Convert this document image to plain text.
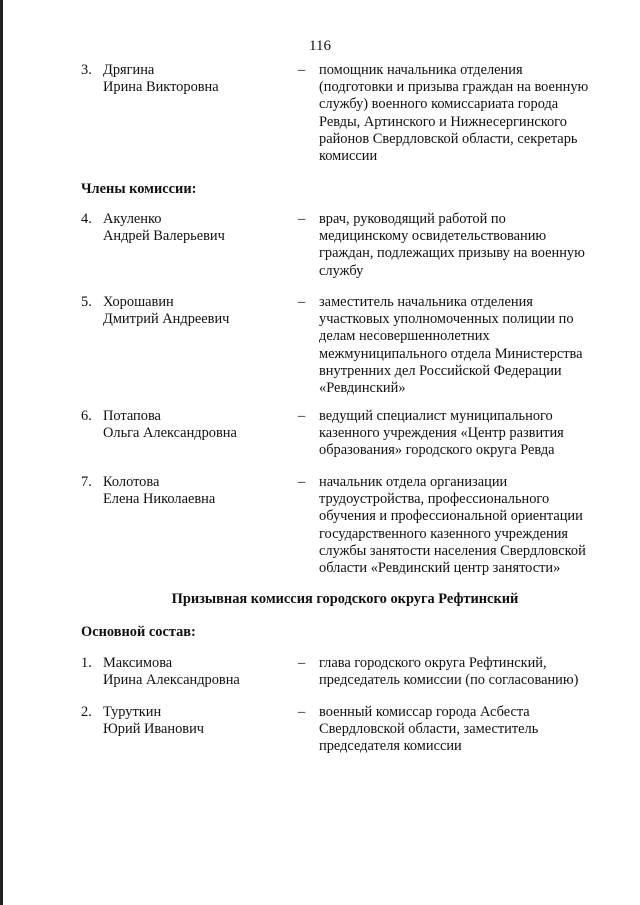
116
3. Дрягина
Ирина Викторовна
– помощник начальника отделения
(подготовки и призыва граждан на военную
службу) военного комиссариата города
Ревды, Артинского и Нижнесергинского
районов Свердловской области, секретарь
комиссии
Члены комиссии:
4. Акуленко
Андрей Валерьевич
– врач, руководящий работой по
медицинскому освидетельствованию
граждан, подлежащих призыву на военную
службу
5. Хорошавин
Дмитрий Андреевич
– заместитель начальника отделения
участковых уполномоченных полиции по
делам несовершеннолетних
межмуниципального отдела Министерства
внутренних дел Российской Федерации
«Ревдинский»
6. Потапова
Ольга Александровна
– ведущий специалист муниципального
казенного учреждения «Центр развития
образования» городского округа Ревда
7. Колотова
Елена Николаевна
– начальник отдела организации
трудоустройства, профессионального
обучения и профессиональной ориентации
государственного казенного учреждения
службы занятости населения Свердловской
области «Ревдинский центр занятости»
Призывная комиссия городского округа Рефтинский
Основной состав:
1. Максимова
Ирина Александровна
– глава городского округа Рефтинский,
председатель комиссии (по согласованию)
2. Туруткин
Юрий Иванович
– военный комиссар города Асбеста
Свердловской области, заместитель
председателя комиссии
